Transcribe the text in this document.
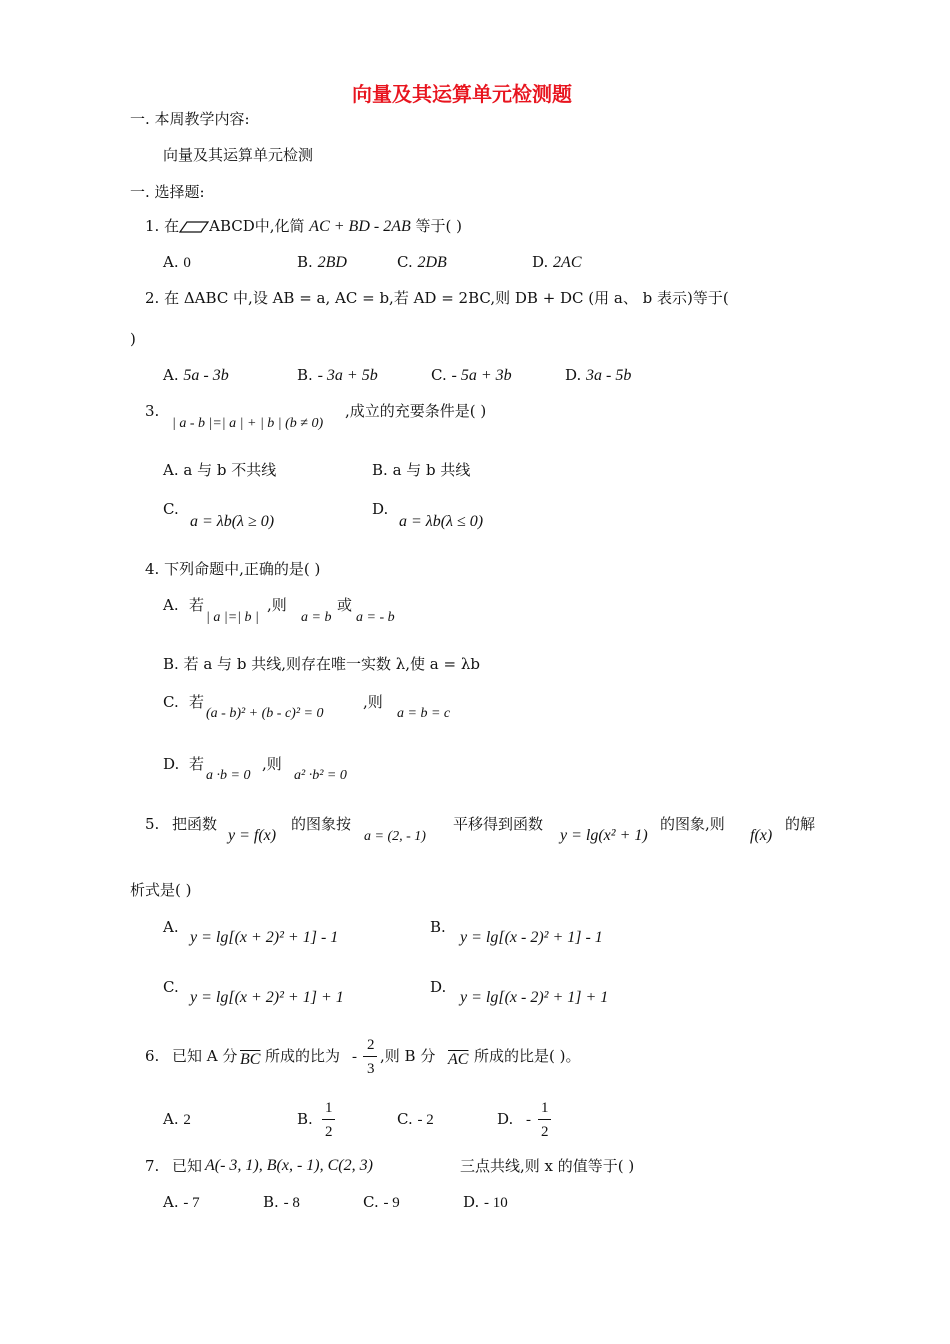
向量及其运算单元检测题
一. 本周教学内容:
向量及其运算单元检测
一. 选择题:
1. 在 ABCD中,化简 AC + BD - 2AB 等于( )
A. 0	B. 2BD	C. 2DB	D. 2AC
2. 在 ΔABC 中,设 AB = a, AC = b,若 AD = 2BC,则 DB + DC (用 a、 b 表示)等于(
)
A. 5a - 3b	B. - 3a + 5b	C. - 5a + 3b	D. 3a - 5b
3.
| a - b |=| a | + | b | (b ≠ 0)
,成立的充要条件是( )
A. a 与 b 不共线	B. a 与 b 共线
C.
a = λb(λ ≥ 0)
D.
a = λb(λ ≤ 0)
4. 下列命题中,正确的是( )
A. 若
| a |=| b |
,则
a = b
或
a = - b
B. 若 a 与 b 共线,则存在唯一实数 λ,使 a = λb
C. 若
(a - b)² + (b - c)² = 0
,则
a = b = c
D. 若
a ·b = 0
,则
a² ·b² = 0
5. 把函数
y = f(x)
的图象按
a = (2, - 1)
平移得到函数
y = lg(x² + 1)
的图象,则
f(x)
的解
析式是( )
A.
y = lg[(x + 2)² + 1] - 1
B.
y = lg[(x - 2)² + 1] - 1
C.
y = lg[(x + 2)² + 1] + 1
D.
y = lg[(x - 2)² + 1] + 1
6. 已知 A 分 $\overline{BC}$ 所成的比为 -
2
3
,则 B 分 $\overline{AC}$ 所成的比是( )。
A. 2	B.
1
2
C. - 2	D. -
1
2
7. 已知 A(- 3, 1), B(x, - 1), C(2, 3)	三点共线,则 x 的值等于( )
A. - 7	B. - 8	C. - 9	D. - 10
